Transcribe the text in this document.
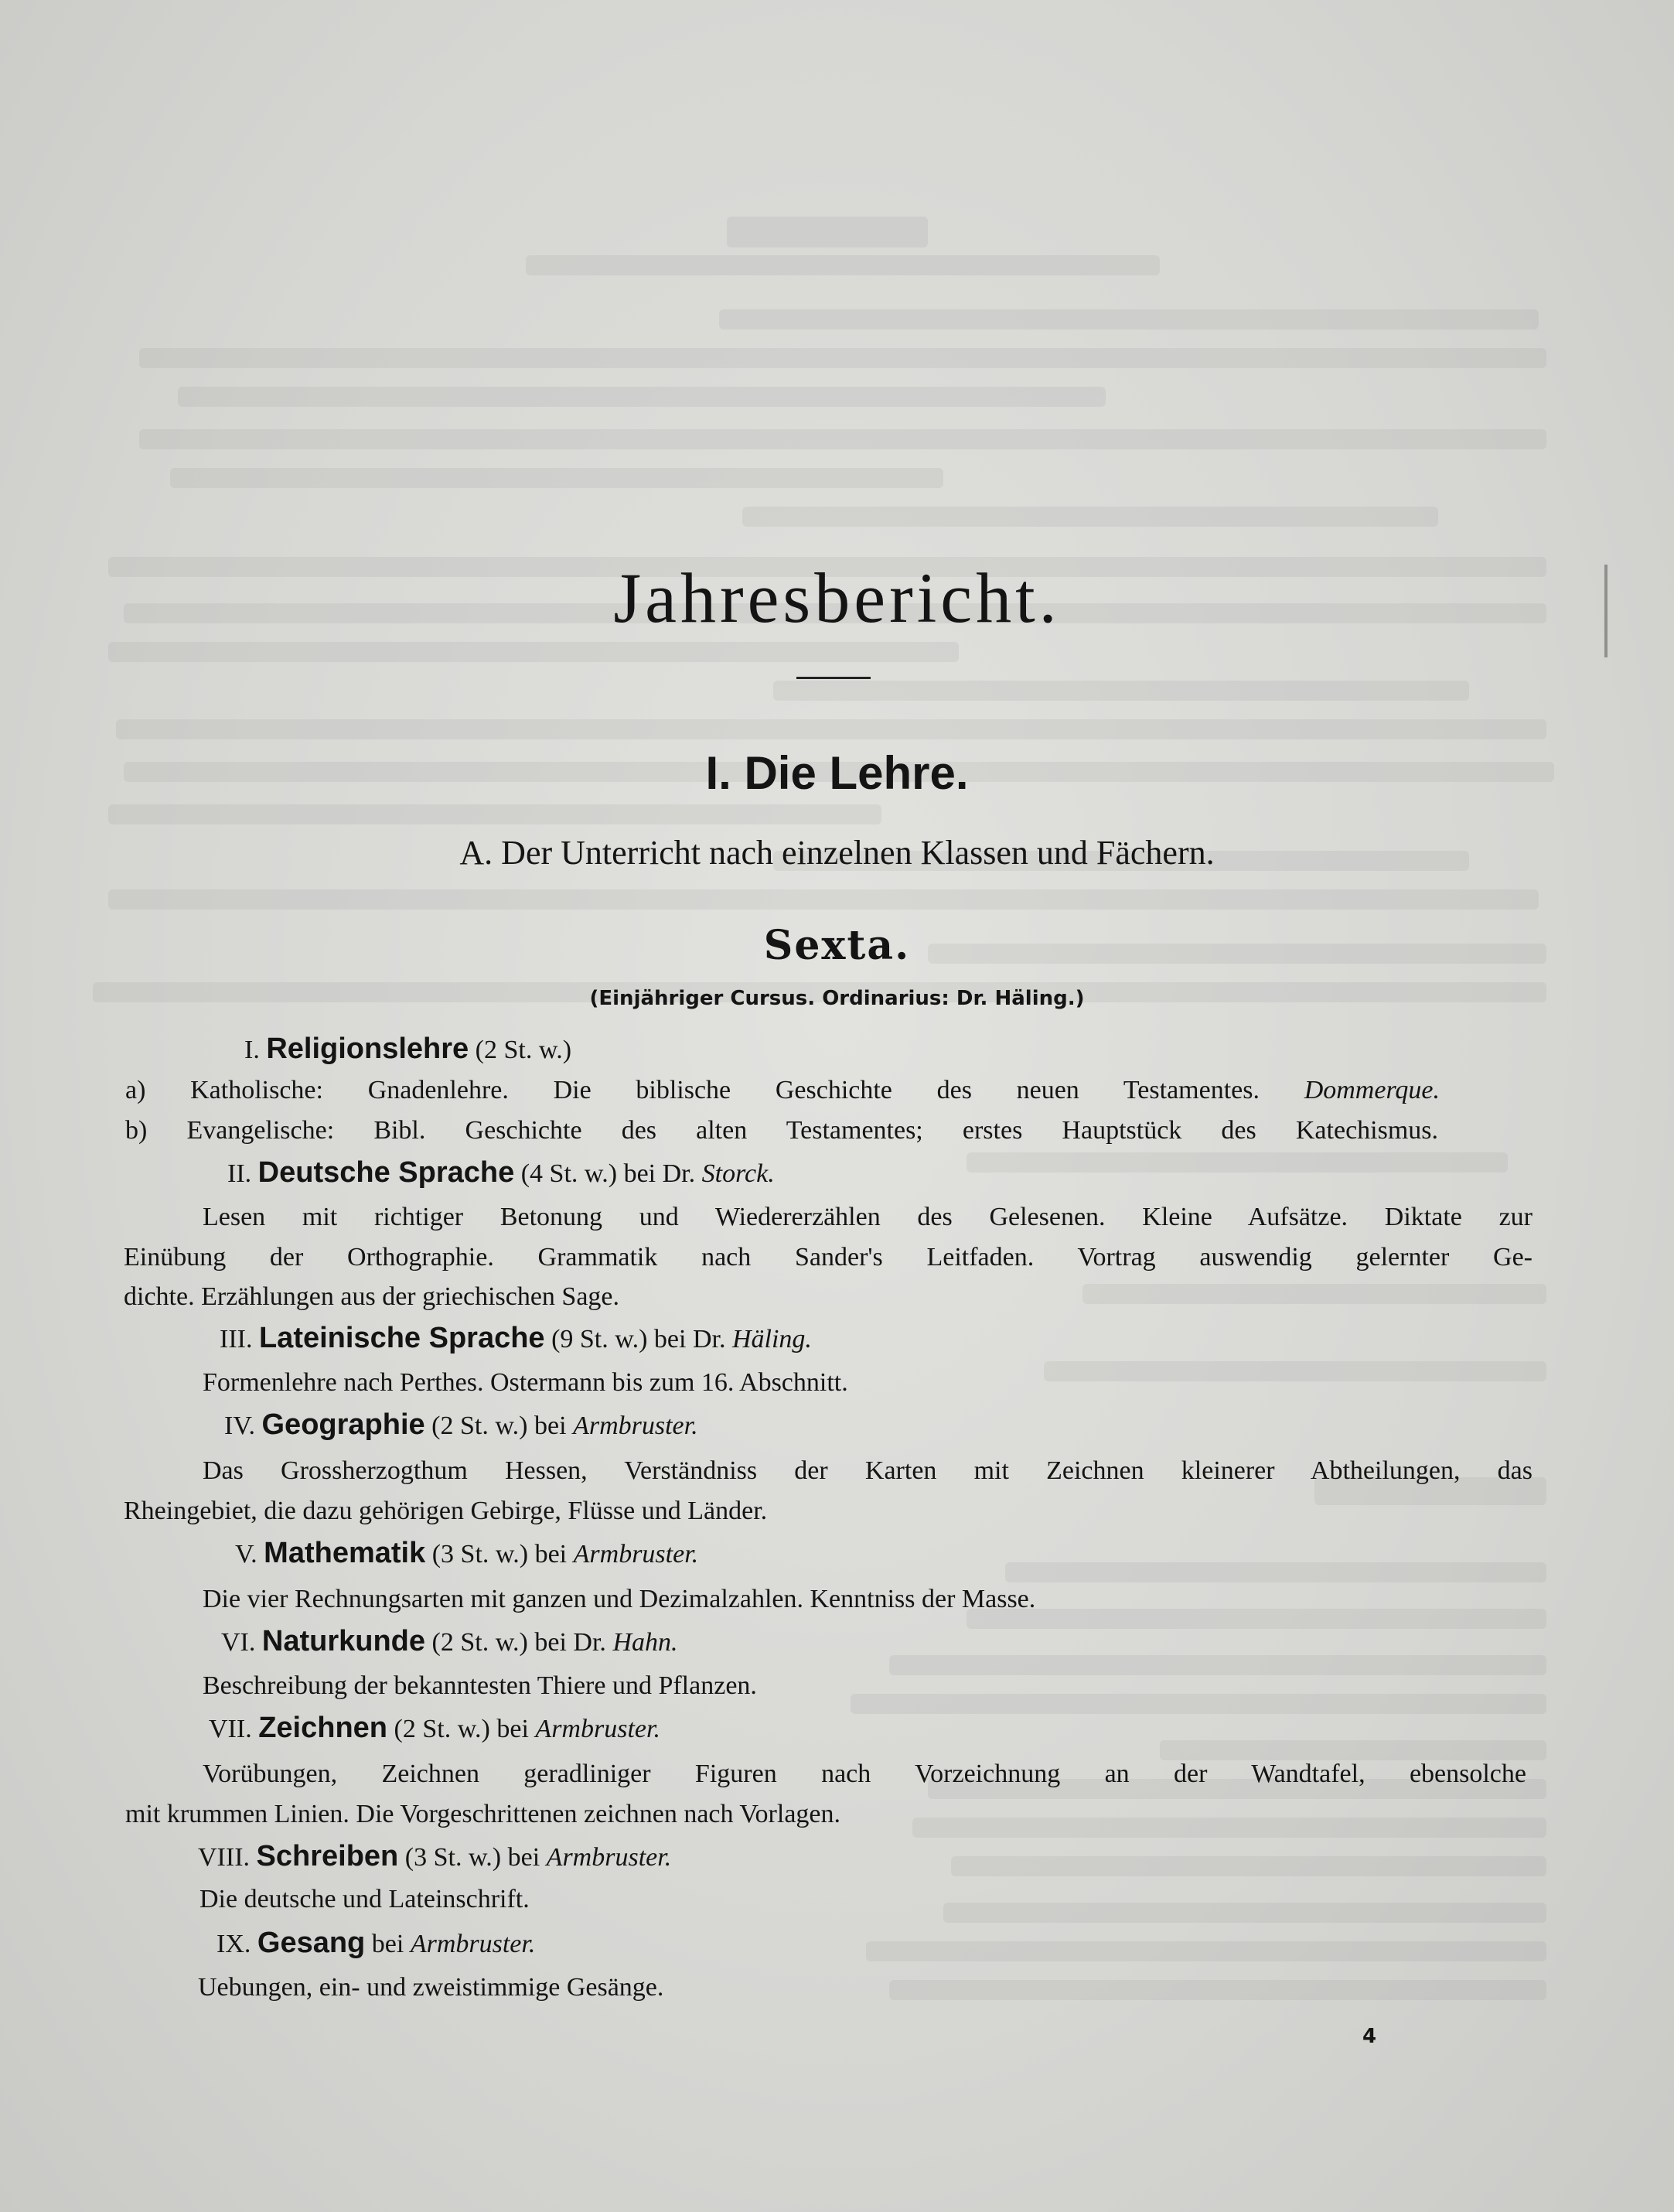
Jahresbericht.
I. Die Lehre.
A. Der Unterricht nach einzelnen Klassen und Fächern.
Sexta.
(Einjähriger Cursus. Ordinarius: Dr. Häling.)
I. Religionslehre (2 St. w.)
a) Katholische: Gnadenlehre. Die biblische Geschichte des neuen Testamentes. Dommerque.
b) Evangelische: Bibl. Geschichte des alten Testamentes; erstes Hauptstück des Katechismus.
II. Deutsche Sprache (4 St. w.) bei Dr. Storck.
Lesen mit richtiger Betonung und Wiedererzählen des Gelesenen. Kleine Aufsätze. Diktate zur
Einübung der Orthographie. Grammatik nach Sander's Leitfaden. Vortrag auswendig gelernter Ge-
dichte. Erzählungen aus der griechischen Sage.
III. Lateinische Sprache (9 St. w.) bei Dr. Häling.
Formenlehre nach Perthes. Ostermann bis zum 16. Abschnitt.
IV. Geographie (2 St. w.) bei Armbruster.
Das Grossherzogthum Hessen, Verständniss der Karten mit Zeichnen kleinerer Abtheilungen, das
Rheingebiet, die dazu gehörigen Gebirge, Flüsse und Länder.
V. Mathematik (3 St. w.) bei Armbruster.
Die vier Rechnungsarten mit ganzen und Dezimalzahlen. Kenntniss der Masse.
VI. Naturkunde (2 St. w.) bei Dr. Hahn.
Beschreibung der bekanntesten Thiere und Pflanzen.
VII. Zeichnen (2 St. w.) bei Armbruster.
Vorübungen, Zeichnen geradliniger Figuren nach Vorzeichnung an der Wandtafel, ebensolche
mit krummen Linien. Die Vorgeschrittenen zeichnen nach Vorlagen.
VIII. Schreiben (3 St. w.) bei Armbruster.
Die deutsche und Lateinschrift.
IX. Gesang bei Armbruster.
Uebungen, ein- und zweistimmige Gesänge.
4
